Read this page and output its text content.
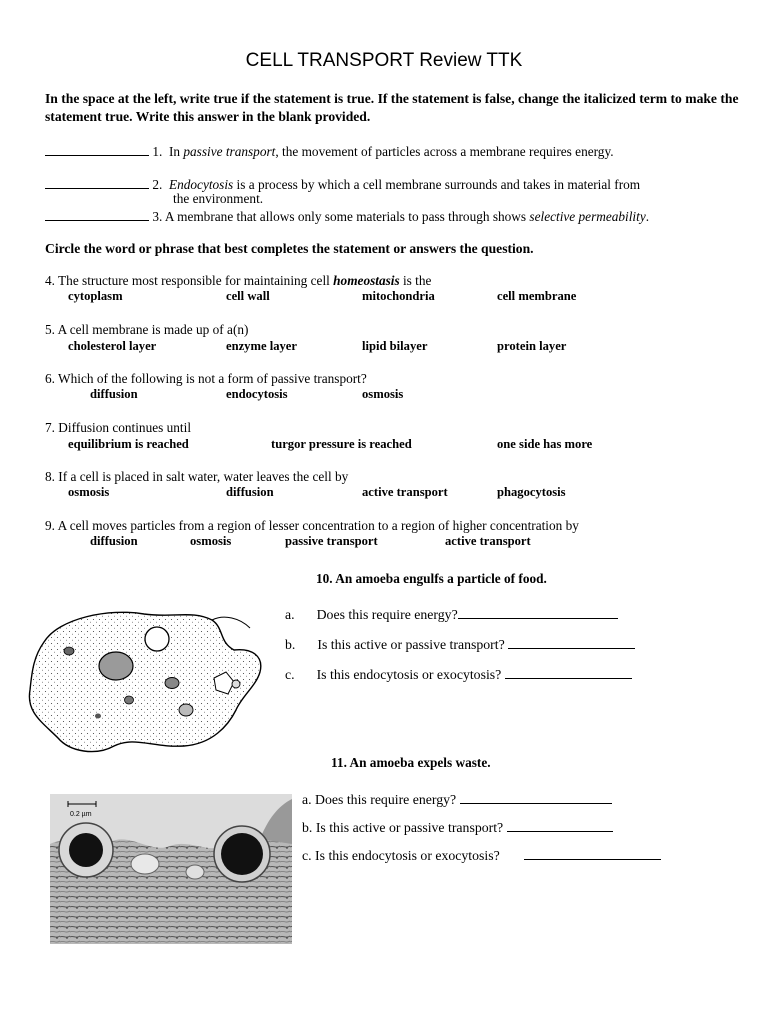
CELL TRANSPORT Review TTK
In the space at the left, write true if the statement is true. If the statement is false, change the italicized term to make the statement true. Write this answer in the blank provided.
1. In passive transport, the movement of particles across a membrane requires energy.
2. Endocytosis is a process by which a cell membrane surrounds and takes in material from
the environment.
3. A membrane that allows only some materials to pass through shows selective permeability.
Circle the word or phrase that best completes the statement or answers the question.
4. The structure most responsible for maintaining cell homeostasis is the
cytoplasm	cell wall	mitochondria	cell membrane
5. A cell membrane is made up of a(n)
cholesterol layer	enzyme layer	lipid bilayer	protein layer
6. Which of the following is not a form of passive transport?
diffusion	endocytosis	osmosis
7. Diffusion continues until
equilibrium is reached	turgor pressure is reached	one side has more
8. If a cell is placed in salt water, water leaves the cell by
osmosis	diffusion	active transport	phagocytosis
9. A cell moves particles from a region of lesser concentration to a region of higher concentration by
diffusion	osmosis	passive transport	active transport
10. An amoeba engulfs a particle of food.
a. Does this require energy?
b. Is this active or passive transport?
c. Is this endocytosis or exocytosis?
11. An amoeba expels waste.
0.2 µm
a. Does this require energy?
b. Is this active or passive transport?
c. Is this endocytosis or exocytosis?
